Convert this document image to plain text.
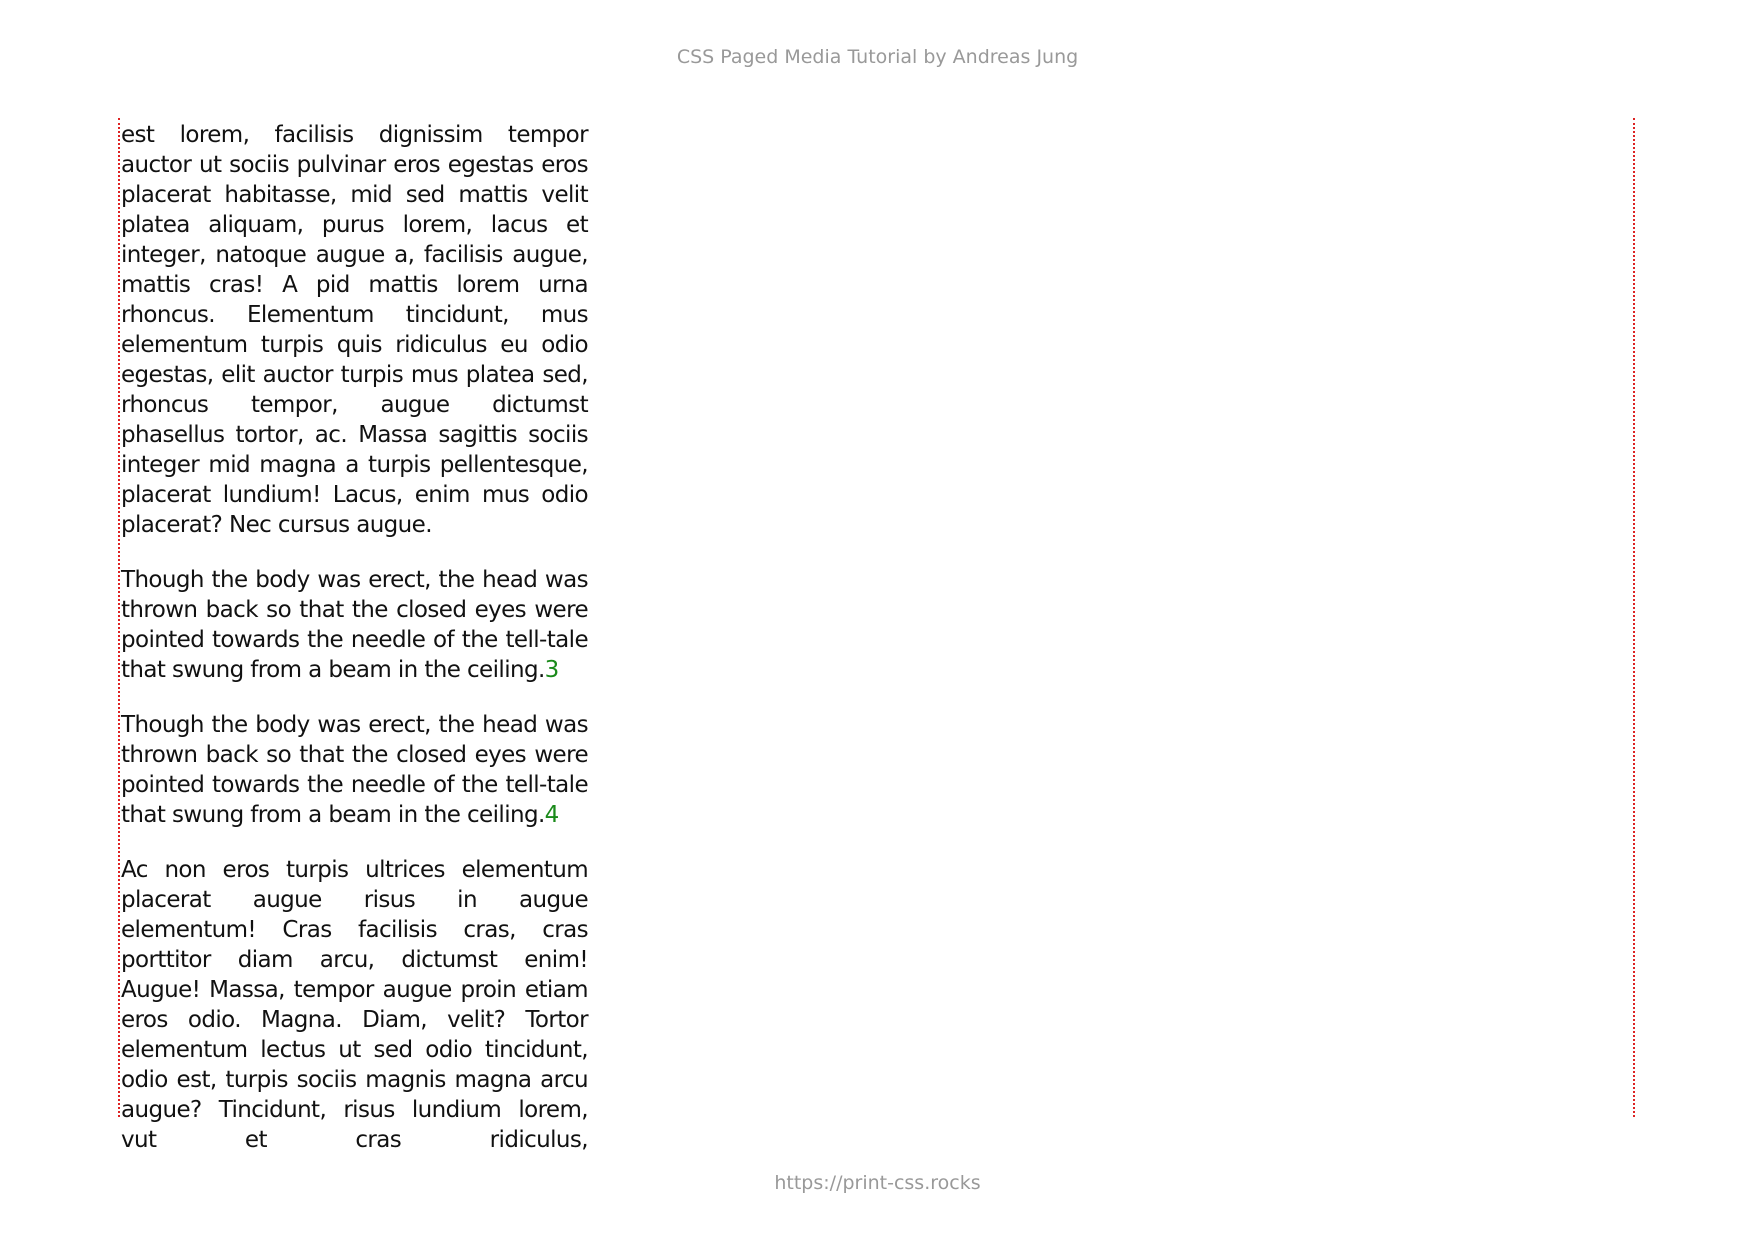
CSS Paged Media Tutorial by Andreas Jung

est lorem, facilisis dignissim tempor auctor ut sociis pulvinar eros egestas eros placerat habitasse, mid sed mattis velit platea aliquam, purus lorem, lacus et integer, natoque augue a, facilisis augue, mattis cras! A pid mattis lorem urna rhoncus. Elementum tincidunt, mus elementum turpis quis ridiculus eu odio egestas, elit auctor turpis mus platea sed, rhoncus tempor, augue dictumst phasellus tortor, ac. Massa sagittis sociis integer mid magna a turpis pellentesque, placerat lundium! Lacus, enim mus odio placerat? Nec cursus augue.

Though the body was erect, the head was thrown back so that the closed eyes were pointed towards the needle of the tell-tale that swung from a beam in the ceiling.3

Though the body was erect, the head was thrown back so that the closed eyes were pointed towards the needle of the tell-tale that swung from a beam in the ceiling.4

Ac non eros turpis ultrices elementum placerat augue risus in augue elementum! Cras facilisis cras, cras porttitor diam arcu, dictumst enim! Augue! Massa, tempor augue proin etiam eros odio. Magna. Diam, velit? Tortor elementum lectus ut sed odio tincidunt, odio est, turpis sociis magnis magna arcu augue? Tincidunt, risus lundium lorem, vut et cras ridiculus,

https://print-css.rocks
